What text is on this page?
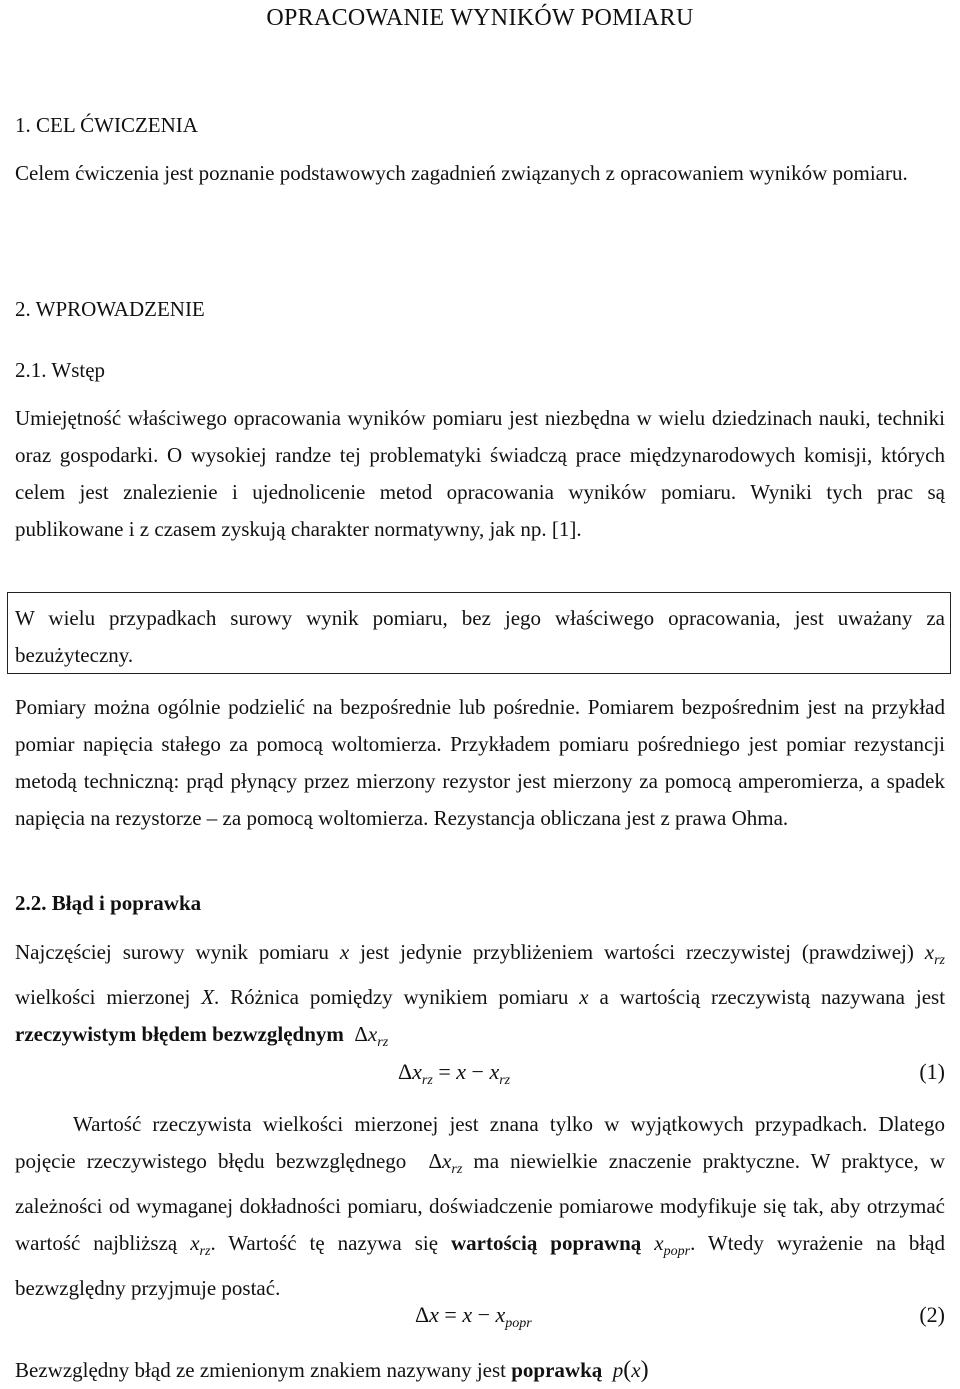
OPRACOWANIE WYNIKÓW POMIARU
1. CEL ĆWICZENIA
Celem ćwiczenia jest poznanie podstawowych zagadnień związanych z opracowaniem wyników pomiaru.
2. WPROWADZENIE
2.1. Wstęp
Umiejętność właściwego opracowania wyników pomiaru jest niezbędna w wielu dziedzinach nauki, techniki oraz gospodarki. O wysokiej randze tej problematyki świadczą prace międzynarodowych komisji, których celem jest znalezienie i ujednolicenie metod opracowania wyników pomiaru. Wyniki tych prac są publikowane i z czasem zyskują charakter normatywny, jak np. [1].
W wielu przypadkach surowy wynik pomiaru, bez jego właściwego opracowania, jest uważany za bezużyteczny.
Pomiary można ogólnie podzielić na bezpośrednie lub pośrednie. Pomiarem bezpośrednim jest na przykład pomiar napięcia stałego za pomocą woltomierza. Przykładem pomiaru pośredniego jest pomiar rezystancji metodą techniczną: prąd płynący przez mierzony rezystor jest mierzony za pomocą amperomierza, a spadek napięcia na rezystorze – za pomocą woltomierza. Rezystancja obliczana jest z prawa Ohma.
2.2. Błąd i poprawka
Najczęściej surowy wynik pomiaru x jest jedynie przybliżeniem wartości rzeczywistej (prawdziwej) $x_{rz}$ wielkości mierzonej X. Różnica pomiędzy wynikiem pomiaru x a wartością rzeczywistą nazywana jest rzeczywistym błędem bezwzględnym $\Delta x_{rz}$
$\Delta x_{rz} = x - x_{rz}$	(1)
Wartość rzeczywista wielkości mierzonej jest znana tylko w wyjątkowych przypadkach. Dlatego pojęcie rzeczywistego błędu bezwzględnego $\Delta x_{rz}$ ma niewielkie znaczenie praktyczne. W praktyce, w zależności od wymaganej dokładności pomiaru, doświadczenie pomiarowe modyfikuje się tak, aby otrzymać wartość najbliższą $x_{rz}$. Wartość tę nazywa się wartością poprawną $x_{popr}$. Wtedy wyrażenie na błąd bezwzględny przyjmuje postać.
$\Delta x = x - x_{popr}$	(2)
Bezwzględny błąd ze zmienionym znakiem nazywany jest poprawką p(x)
